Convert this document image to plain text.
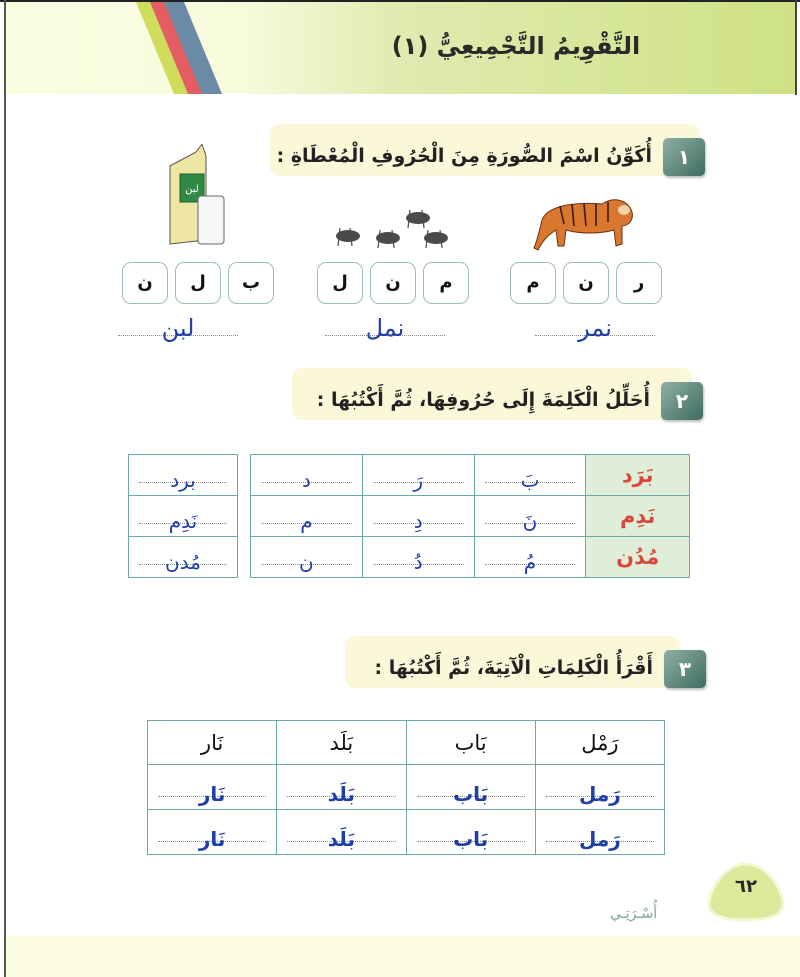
التَّقْوِيمُ التَّجْمِيعِيُّ (١)
١
أُكَوِّنُ اسْمَ الصُّورَةِ مِنَ الْحُرُوفِ الْمُعْطَاةِ :
لبن
ر
ن
م
م
ن
ل
ب
ل
ن
نمر
نمل
لبن
٢
أُحَلِّلُ الْكَلِمَةَ إِلَى حُرُوفِهَا، ثُمَّ أَكْتُبُهَا :
د	رَ	بَ	بَرَد

م	دِ	نَ	نَدِم

ن	دُ	مُ	مُدُن
برد

نَدِم

مُدن
٣
أَقْرَأُ الْكَلِمَاتِ الْآتِيَةَ، ثُمَّ أَكْتُبُهَا :
نَار	بَلَد	بَاب	رَمْل

نَار	بَلَد	بَاب	رَمل

نَار	بَلَد	بَاب	رَمل
٦٢
أُسْـرَتِـي
